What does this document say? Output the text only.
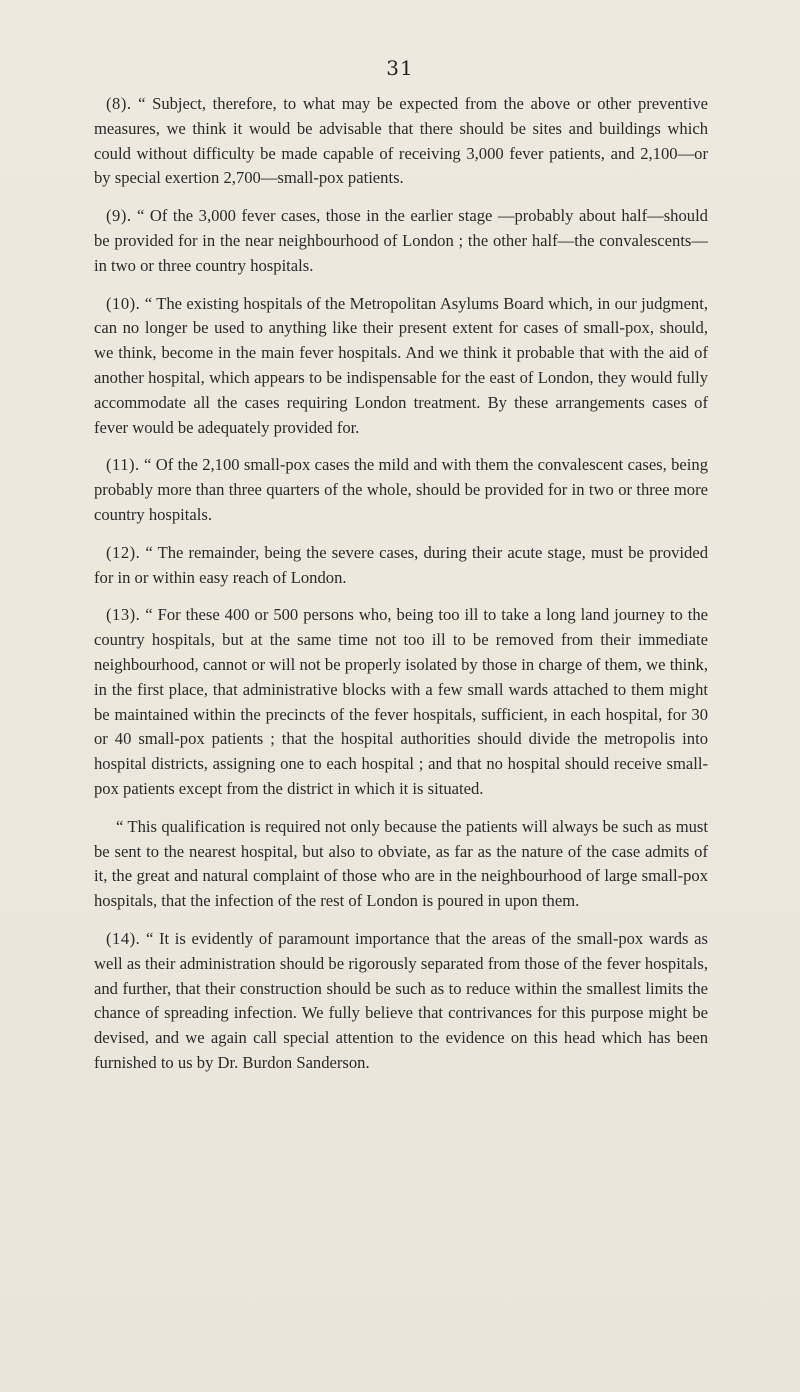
31

(8). “ Subject, therefore, to what may be expected from the above or other preventive measures, we think it would be advisable that there should be sites and buildings which could without difficulty be made capable of receiving 3,000 fever patients, and 2,100—or by special exertion 2,700—small-pox patients.

(9). “ Of the 3,000 fever cases, those in the earlier stage —probably about half—should be provided for in the near neighbourhood of London ; the other half—the convalescents—in two or three country hospitals.

(10). “ The existing hospitals of the Metropolitan Asylums Board which, in our judgment, can no longer be used to anything like their present extent for cases of small-pox, should, we think, become in the main fever hospitals. And we think it probable that with the aid of another hospital, which appears to be indispensable for the east of London, they would fully accommodate all the cases requiring London treatment. By these arrangements cases of fever would be adequately provided for.

(11). “ Of the 2,100 small-pox cases the mild and with them the convalescent cases, being probably more than three quarters of the whole, should be provided for in two or three more country hospitals.

(12). “ The remainder, being the severe cases, during their acute stage, must be provided for in or within easy reach of London.

(13). “ For these 400 or 500 persons who, being too ill to take a long land journey to the country hospitals, but at the same time not too ill to be removed from their immediate neighbourhood, cannot or will not be properly isolated by those in charge of them, we think, in the first place, that administrative blocks with a few small wards attached to them might be maintained within the precincts of the fever hospitals, sufficient, in each hospital, for 30 or 40 small-pox patients ; that the hospital authorities should divide the metropolis into hospital districts, assigning one to each hospital ; and that no hospital should receive small-pox patients except from the district in which it is situated.

“ This qualification is required not only because the patients will always be such as must be sent to the nearest hospital, but also to obviate, as far as the nature of the case admits of it, the great and natural complaint of those who are in the neighbourhood of large small-pox hospitals, that the infection of the rest of London is poured in upon them.

(14). “ It is evidently of paramount importance that the areas of the small-pox wards as well as their administration should be rigorously separated from those of the fever hospitals, and further, that their construction should be such as to reduce within the smallest limits the chance of spreading infection. We fully believe that contrivances for this purpose might be devised, and we again call special attention to the evidence on this head which has been furnished to us by Dr. Burdon Sanderson.
